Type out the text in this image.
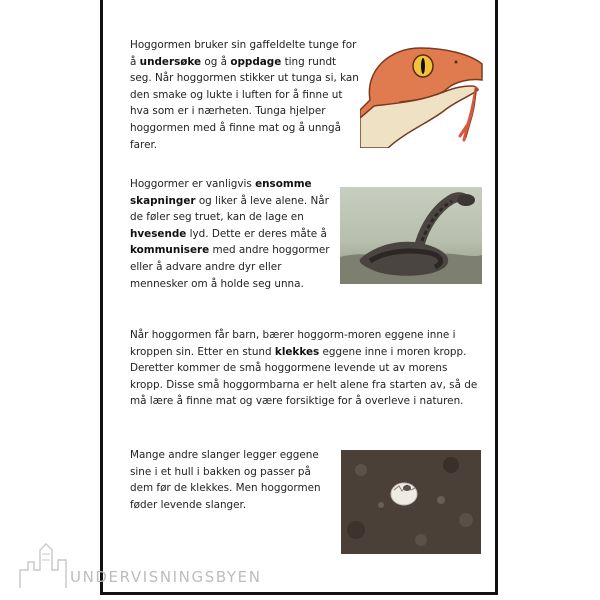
Hoggormen bruker sin gaffeldelte tunge for å undersøke og å oppdage ting rundt seg. Når hoggormen stikker ut tunga si, kan den smake og lukte i luften for å finne ut hva som er i nærheten. Tunga hjelper hoggormen med å finne mat og å unngå farer.

Hoggormer er vanligvis ensomme skapninger og liker å leve alene. Når de føler seg truet, kan de lage en hvesende lyd. Dette er deres måte å kommunisere med andre hoggormer eller å advare andre dyr eller mennesker om å holde seg unna.

Når hoggormen får barn, bærer hoggorm-moren eggene inne i kroppen sin. Etter en stund klekkes eggene inne i moren kropp. Deretter kommer de små hoggormene levende ut av morens kropp. Disse små hoggormbarna er helt alene fra starten av, så de må lære å finne mat og være forsiktige for å overleve i naturen.

Mange andre slanger legger eggene sine i et hull i bakken og passer på dem før de klekkes. Men hoggormen føder levende slanger.

UNDERVISNINGSBYEN
